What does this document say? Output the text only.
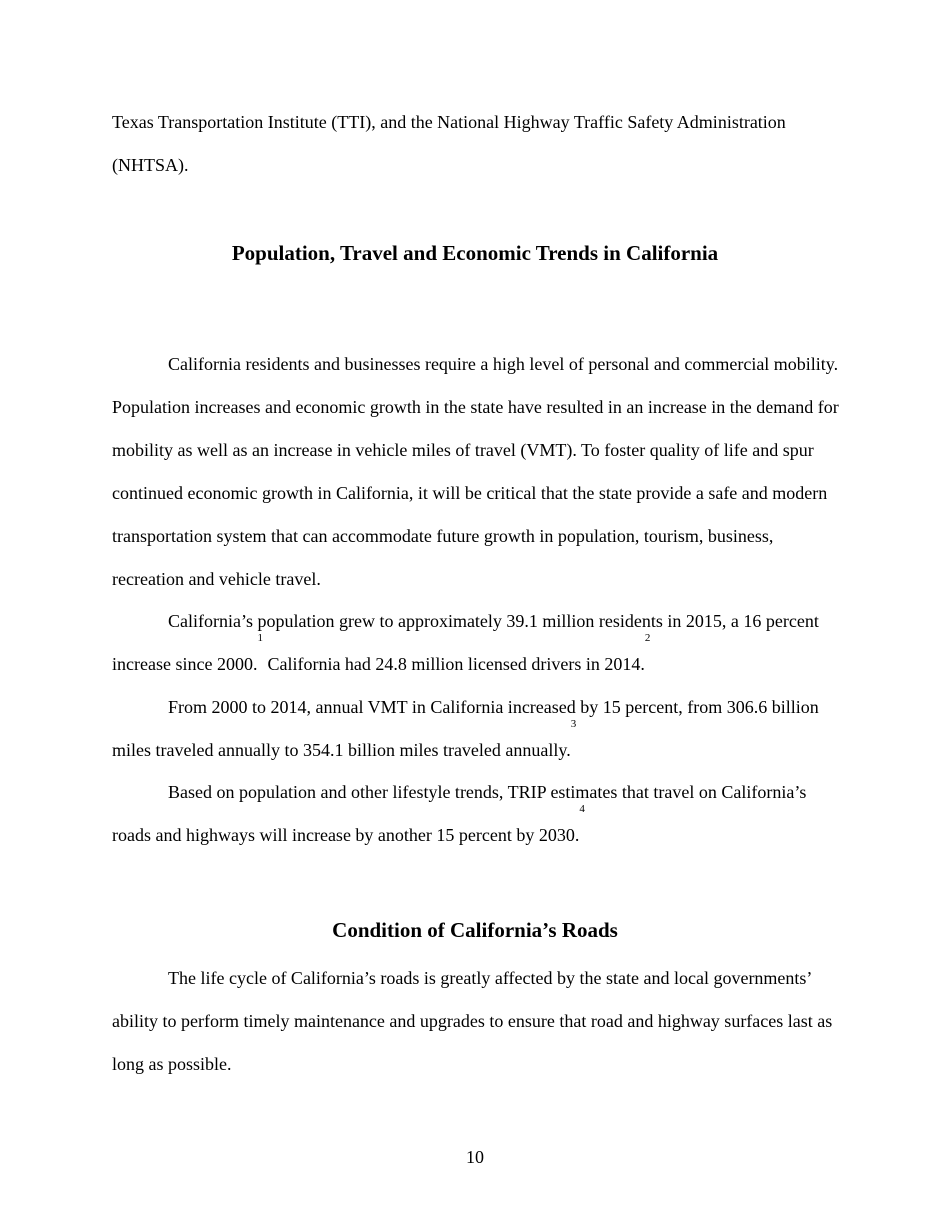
Texas Transportation Institute (TTI), and the National Highway Traffic Safety Administration (NHTSA).

Population, Travel and Economic Trends in California

California residents and businesses require a high level of personal and commercial mobility. Population increases and economic growth in the state have resulted in an increase in the demand for mobility as well as an increase in vehicle miles of travel (VMT). To foster quality of life and spur continued economic growth in California, it will be critical that the state provide a safe and modern transportation system that can accommodate future growth in population, tourism, business, recreation and vehicle travel.

California’s population grew to approximately 39.1 million residents in 2015, a 16 percent increase since 2000.$^1$ California had 24.8 million licensed drivers in 2014.$^2$

From 2000 to 2014, annual VMT in California increased by 15 percent, from 306.6 billion miles traveled annually to 354.1 billion miles traveled annually.$^3$

Based on population and other lifestyle trends, TRIP estimates that travel on California’s roads and highways will increase by another 15 percent by 2030.$^4$

Condition of California’s Roads

The life cycle of California’s roads is greatly affected by the state and local governments’ ability to perform timely maintenance and upgrades to ensure that road and highway surfaces last as long as possible.

10
